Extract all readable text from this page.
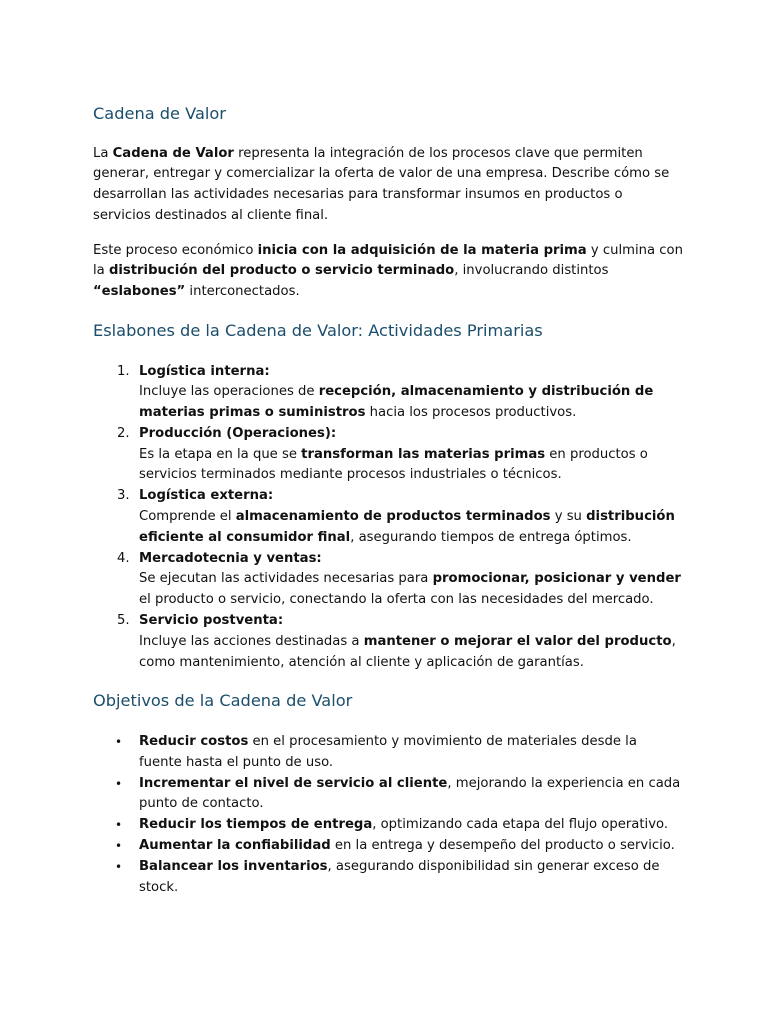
Cadena de Valor
La Cadena de Valor representa la integración de los procesos clave que permiten
generar, entregar y comercializar la oferta de valor de una empresa. Describe cómo se
desarrollan las actividades necesarias para transformar insumos en productos o
servicios destinados al cliente final.
Este proceso económico inicia con la adquisición de la materia prima y culmina con
la distribución del producto o servicio terminado, involucrando distintos
“eslabones” interconectados.
Eslabones de la Cadena de Valor: Actividades Primarias
1. Logística interna:
Incluye las operaciones de recepción, almacenamiento y distribución de
materias primas o suministros hacia los procesos productivos.
2. Producción (Operaciones):
Es la etapa en la que se transforman las materias primas en productos o
servicios terminados mediante procesos industriales o técnicos.
3. Logística externa:
Comprende el almacenamiento de productos terminados y su distribución
eficiente al consumidor final, asegurando tiempos de entrega óptimos.
4. Mercadotecnia y ventas:
Se ejecutan las actividades necesarias para promocionar, posicionar y vender
el producto o servicio, conectando la oferta con las necesidades del mercado.
5. Servicio postventa:
Incluye las acciones destinadas a mantener o mejorar el valor del producto,
como mantenimiento, atención al cliente y aplicación de garantías.
Objetivos de la Cadena de Valor
• Reducir costos en el procesamiento y movimiento de materiales desde la
fuente hasta el punto de uso.
• Incrementar el nivel de servicio al cliente, mejorando la experiencia en cada
punto de contacto.
• Reducir los tiempos de entrega, optimizando cada etapa del flujo operativo.
• Aumentar la confiabilidad en la entrega y desempeño del producto o servicio.
• Balancear los inventarios, asegurando disponibilidad sin generar exceso de
stock.
